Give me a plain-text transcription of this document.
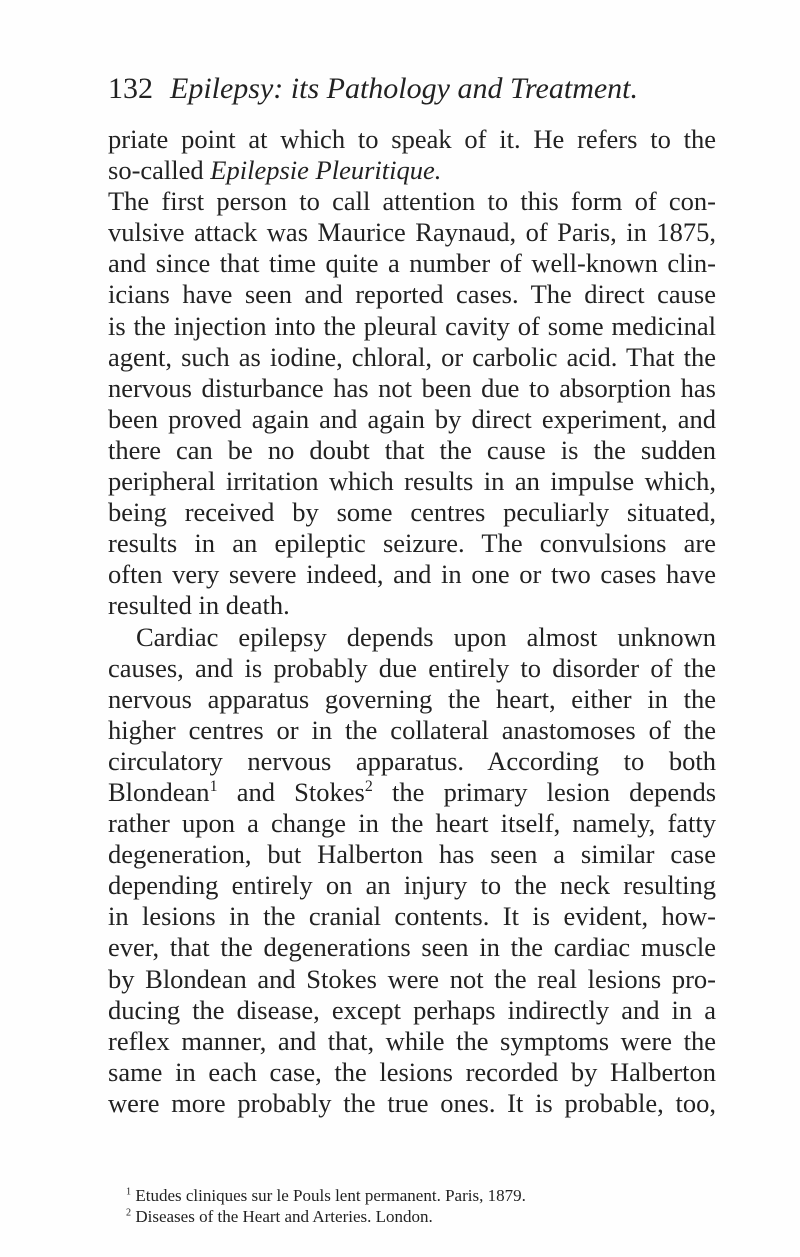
132 Epilepsy: its Pathology and Treatment.
priate point at which to speak of it. He refers to the
so-called Epilepsie Pleuritique.
The first person to call attention to this form of con-
vulsive attack was Maurice Raynaud, of Paris, in 1875,
and since that time quite a number of well-known clin-
icians have seen and reported cases. The direct cause
is the injection into the pleural cavity of some medicinal
agent, such as iodine, chloral, or carbolic acid. That the
nervous disturbance has not been due to absorption has
been proved again and again by direct experiment, and
there can be no doubt that the cause is the sudden
peripheral irritation which results in an impulse which,
being received by some centres peculiarly situated,
results in an epileptic seizure. The convulsions are
often very severe indeed, and in one or two cases have
resulted in death.
Cardiac epilepsy depends upon almost unknown
causes, and is probably due entirely to disorder of the
nervous apparatus governing the heart, either in the
higher centres or in the collateral anastomoses of the
circulatory nervous apparatus. According to both
Blondean$^1$ and Stokes$^2$ the primary lesion depends
rather upon a change in the heart itself, namely, fatty
degeneration, but Halberton has seen a similar case
depending entirely on an injury to the neck resulting
in lesions in the cranial contents. It is evident, how-
ever, that the degenerations seen in the cardiac muscle
by Blondean and Stokes were not the real lesions pro-
ducing the disease, except perhaps indirectly and in a
reflex manner, and that, while the symptoms were the
same in each case, the lesions recorded by Halberton
were more probably the true ones. It is probable, too,
$^1$ Etudes cliniques sur le Pouls lent permanent. Paris, 1879.
$^2$ Diseases of the Heart and Arteries. London.
